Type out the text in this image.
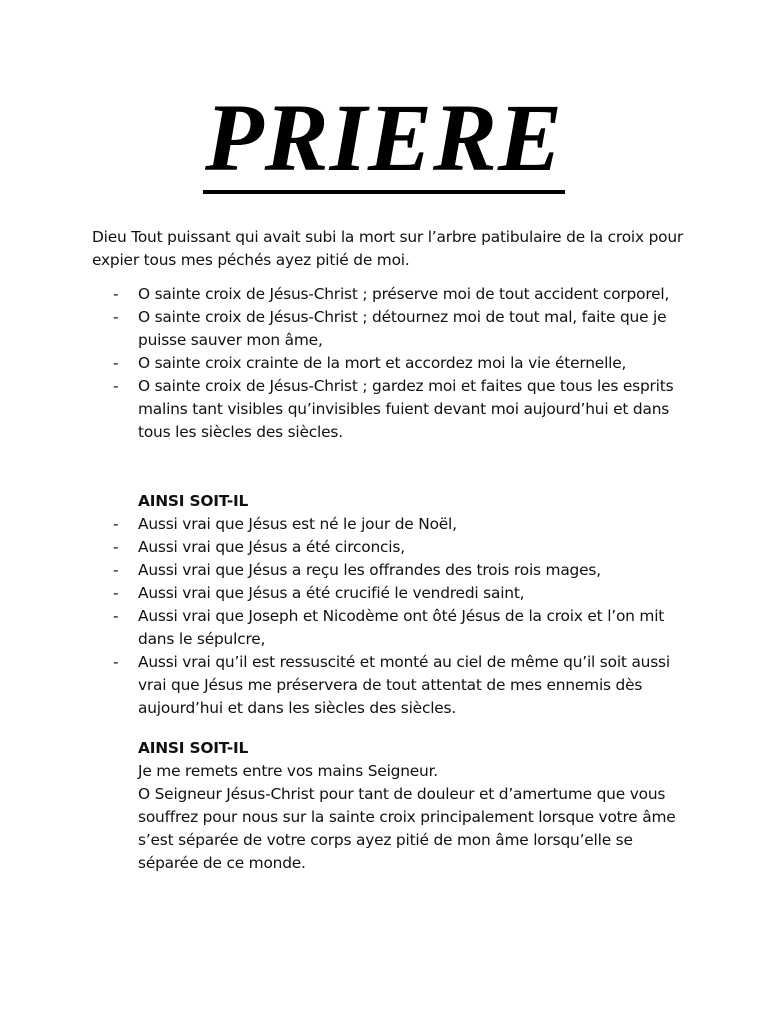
PRIERE

Dieu Tout puissant qui avait subi la mort sur l’arbre patibulaire de la croix pour expier tous mes péchés ayez pitié de moi.

- O sainte croix de Jésus-Christ ; préserve moi de tout accident corporel,
- O sainte croix de Jésus-Christ ; détournez moi de tout mal, faite que je puisse sauver mon âme,
- O sainte croix crainte de la mort et accordez moi la vie éternelle,
- O sainte croix de Jésus-Christ ; gardez moi et faites que tous les esprits malins tant visibles qu’invisibles fuient devant moi aujourd’hui et dans tous les siècles des siècles.

AINSI SOIT-IL

- Aussi vrai que Jésus est né le jour de Noël,
- Aussi vrai que Jésus a été circoncis,
- Aussi vrai que Jésus a reçu les offrandes des trois rois mages,
- Aussi vrai que Jésus a été crucifié le vendredi saint,
- Aussi vrai que Joseph et Nicodème ont ôté Jésus de la croix et l’on mit dans le sépulcre,
- Aussi vrai qu’il est ressuscité et monté au ciel de même qu’il soit aussi vrai que Jésus me préservera de tout attentat de mes ennemis dès aujourd’hui et dans les siècles des siècles.

AINSI SOIT-IL

Je me remets entre vos mains Seigneur.

O Seigneur Jésus-Christ pour tant de douleur et d’amertume que vous souffrez pour nous sur la sainte croix principalement lorsque votre âme s’est séparée de votre corps ayez pitié de mon âme lorsqu’elle se séparée de ce monde.
